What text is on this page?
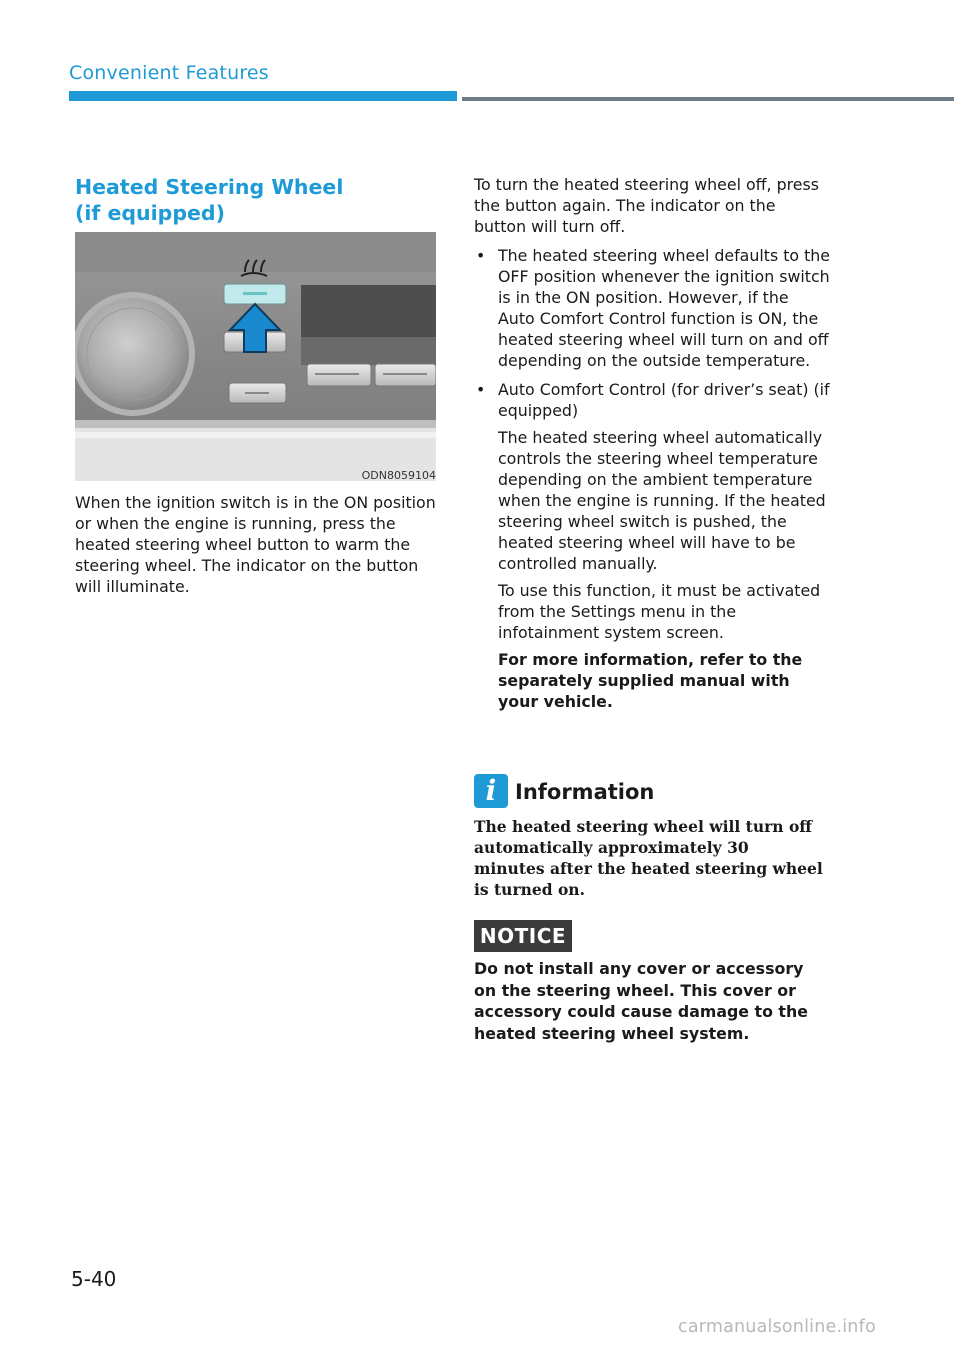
Convenient Features
Heated Steering Wheel
(if equipped)
ODN8059104
When the ignition switch is in the ON position or when the engine is running, press the heated steering wheel button to warm the steering wheel. The indicator on the button will illuminate.

To turn the heated steering wheel off, press the button again. The indicator on the button will turn off.

• The heated steering wheel defaults to the OFF position whenever the ignition switch is in the ON position. However, if the Auto Comfort Control function is ON, the heated steering wheel will turn on and off depending on the outside temperature.
• Auto Comfort Control (for driver’s seat) (if equipped)
The heated steering wheel automatically controls the steering wheel temperature depending on the ambient temperature when the engine is running. If the heated steering wheel switch is pushed, the heated steering wheel will have to be controlled manually.
To use this function, it must be activated from the Settings menu in the infotainment system screen.
For more information, refer to the separately supplied manual with your vehicle.
i Information
The heated steering wheel will turn off automatically approximately 30 minutes after the heated steering wheel is turned on.
NOTICE
Do not install any cover or accessory on the steering wheel. This cover or accessory could cause damage to the heated steering wheel system.
5-40
carmanualsonline.info
